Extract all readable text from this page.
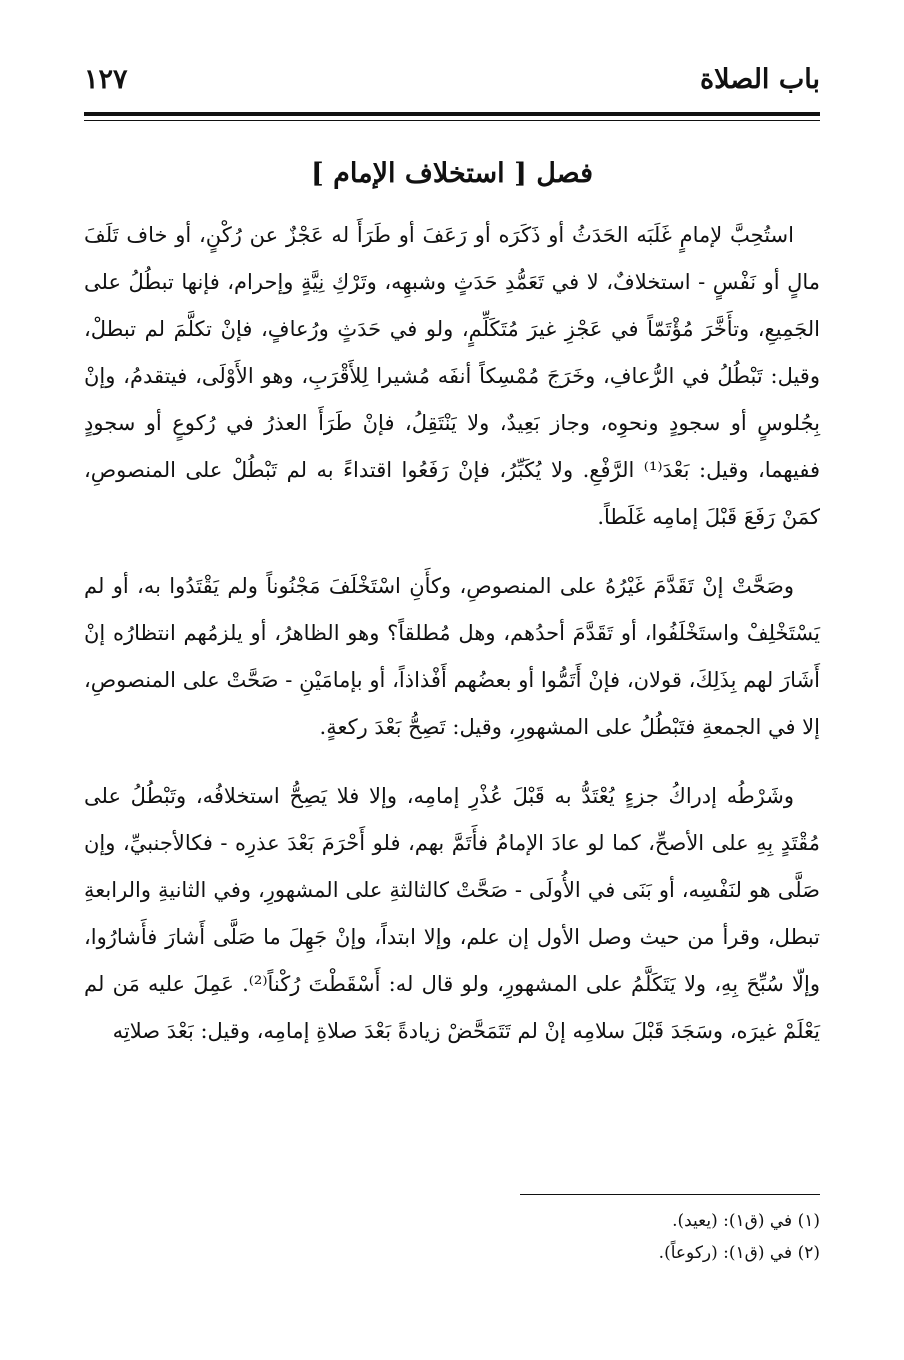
باب الصلاة
١٢٧
فصل [ استخلاف الإمام ]

استُحِبَّ لإمامٍ غَلَبَه الحَدَثُ أو ذَكَرَه أو رَعَفَ أو طَرَأَ له عَجْزٌ عن رُكْنٍ، أو خاف تَلَفَ مالٍ أو نَفْسٍ - استخلافٌ، لا في تَعَمُّدِ حَدَثٍ وشبهِه، وتَرْكِ نِيَّةٍ وإحرام، فإنها تبطُلُ على الجَمِيعِ، وتأَخَّرَ مُؤْتَمّاً في عَجْزِ غيرَ مُتَكَلِّمٍ، ولو في حَدَثٍ ورُعافٍ، فإنْ تكلَّمَ لم تبطلْ، وقيل: تَبْطُلُ في الرُّعافِ، وخَرَجَ مُمْسِكاً أنفَه مُشيرا لِلأَقْرَبِ، وهو الأَوْلَى، فيتقدمُ، وإنْ بِجُلوسٍ أو سجودٍ ونحوِه، وجاز بَعِيدٌ، ولا يَنْتَقِلُ، فإنْ طَرَأَ العذرُ في رُكوعٍ أو سجودٍ ففيهما، وقيل: بَعْدَ⁽¹⁾ الرَّفْعِ. ولا يُكَبِّرُ، فإنْ رَفَعُوا اقتداءً به لم تَبْطُلْ على المنصوصِ، كمَنْ رَفَعَ قَبْلَ إمامِه غَلَطاً.

وصَحَّتْ إنْ تَقَدَّمَ غَيْرُهُ على المنصوصِ، وكأَنِ اسْتَخْلَفَ مَجْنُوناً ولم يَقْتَدُوا به، أو لم يَسْتَخْلِفْ واستَخْلَفُوا، أو تَقَدَّمَ أحدُهم، وهل مُطلقاً؟ وهو الظاهرُ، أو يلزمُهم انتظارُه إنْ أَشَارَ لهم بِذَلِكَ، قولان، فإنْ أَتَمُّوا أو بعضُهم أَفْذاذاً، أو بإمامَيْنِ - صَحَّتْ على المنصوصِ، إلا في الجمعةِ فتَبْطُلُ على المشهورِ، وقيل: تَصِحُّ بَعْدَ ركعةٍ.

وشَرْطُه إدراكُ جزءٍ يُعْتَدُّ به قَبْلَ عُذْرِ إمامِه، وإلا فلا يَصِحُّ استخلافُه، وتَبْطُلُ على مُقْتَدٍ بِهِ على الأصحِّ، كما لو عادَ الإمامُ فأَتَمَّ بهم، فلو أَحْرَمَ بَعْدَ عذرِه - فكالأجنبيِّ، وإن صَلَّى هو لنَفْسِه، أو بَنَى في الأُولَى - صَحَّتْ كالثالثةِ على المشهورِ، وفي الثانيةِ والرابعةِ تبطل، وقرأ من حيث وصل الأول إن علم، وإلا ابتداً، وإنْ جَهِلَ ما صَلَّى أَشارَ فأَشارُوا، وإلّا سُبِّحَ بِهِ، ولا يَتَكَلَّمُ على المشهورِ، ولو قال له: أَسْقَطْتَ رُكْناً⁽²⁾. عَمِلَ عليه مَن لم يَعْلَمْ غيرَه، وسَجَدَ قَبْلَ سلامِه إنْ لم تَتَمَحَّضْ زيادةً بَعْدَ صلاةِ إمامِه، وقيل: بَعْدَ صلاتِه

(١) في (ق١): (يعيد).
(٢) في (ق١): (ركوعاً).
